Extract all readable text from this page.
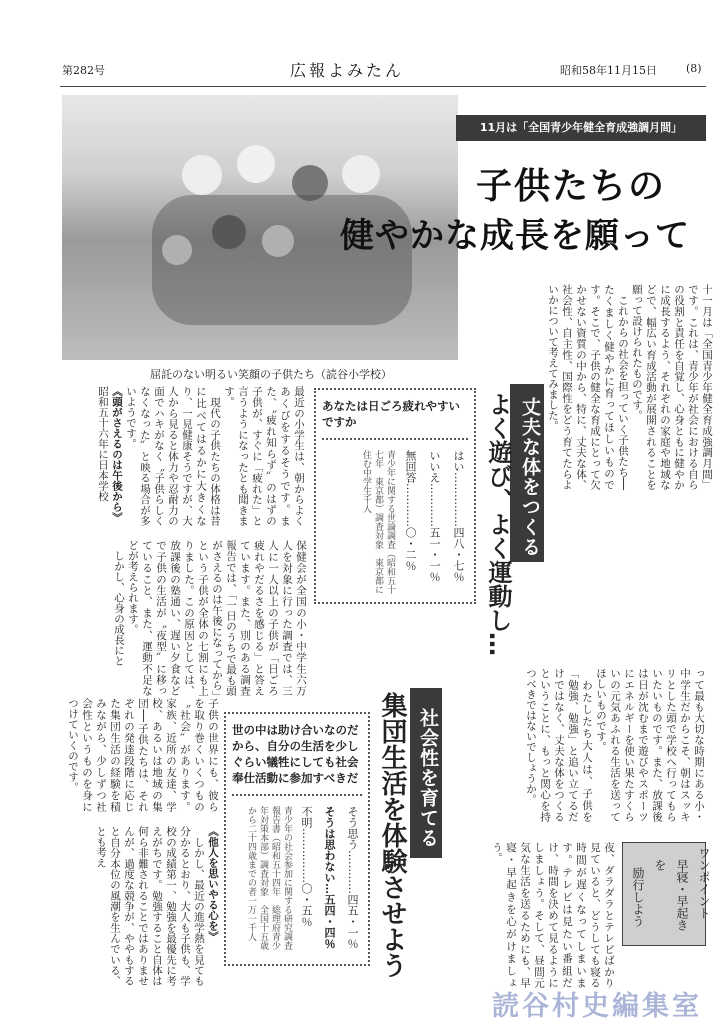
第282号	広報よみたん	昭和58年11月15日	(8)
屈託のない明るい笑顔の子供たち（読谷小学校）
11月は「全国青少年健全育成強調月間」
子供たちの
健やかな成長を願って
十一月は「全国青少年健全育成強調月間」です。これは、青少年が社会における自らの役割と責任を自覚し、心身ともに健やかに成長するよう、それぞれの家庭や地域などで、幅広い育成活動が展開されることを願って設けられたものです。
　これからの社会を担っていく子供たち──たくましく健やかに育ってほしいものです。そこで、子供の健全な育成にとって欠かせない資質の中から、特に、丈夫な体、社会性、自主性、国際性をどう育てたらよいかについて考えてみました。
丈夫な体をつくる
よく遊び、よく運動し…
あなたは日ごろ疲れやすいですか
はい……………四八・七％
いいえ…………五一・一％
無回答…………〇・二％
青少年に関する世論調査（昭和五十七年　東京都）調査対象　東京都に住む中学生千人
最近の小学生は、朝からよくあくびをするそうです。また、〝疲れ知らず〟のはずの子供が、すぐに「疲れた」と言うようになったとも聞きます。
　現代の子供たちの体格は昔に比べてはるかに大きくなり、一見健康そうですが、大人から見ると体力や忍耐力の面でハキがなく〝子供らしくなくなった〟と映る場合が多いようです。
《頭がさえるのは午後から》
昭和五十六年に日本学校
保健会が全国の小・中学生六万人を対象に行った調査では、三人に一人以上の子供が「日ごろ疲れやだるさを感じる」と答えています。また、別のある調査報告では、「一日のうちで最も頭がさえるのは午後になってから」という子供が全体の七割にも上りました。この原因としては、放課後の塾通い、遅い夕食などで子供の生活が〝夜型〟に移っていること、また、運動不足などが考えられます。
　しかし、心身の成長にと
って最も大切な時期にある小・中学生だからこそ、朝はスッキリとした頭で学校へ行ってもらいたいものです。また、放課後は日が沈むまで遊びやスポーツにエネルギーを使い果たすくらいの元気あふれる生活を送ってほしいものです。
　わたしたち大人は、子供を「勉強、勉強」と追い立てるだけではなく、丈夫な体をつくるということに、もっと関心を持つべきではないでしょうか。
夜、ダラダラとテレビばかり見ていると、どうしても寝る時間が遅くなってしまいます。テレビは見たい番組だけ、時間を決めて見るようにしましょう。そして、昼間元気な生活を送るためにも、早寝・早起きを心がけましょう。	ワンポイント
早寝・早起きを
励行しよう
社会性を育てる
集団生活を体験させよう
世の中は助け合いなのだから、自分の生活を少しぐらい犠牲にしても社会奉仕活動に参加すべきだ
そう思う…………四五・一％
そうは思わない…五四・四％
不明……………〇・五％
青少年の社会参加に関する研究調査報告書（昭和五十四年　総理府青少年対策本部）調査対象　全国十五歳から二十四歳までの者一万一千人
子供の世界にも、彼らを取り巻くいくつもの〝社会〟があります。家族、近所の友達、学校、あるいは地域の集団──子供たちは、それぞれの発達段階に応じた集団生活の経験を積みながら、少しずつ社会性というものを身につけていくのです。
《他人を思いやる心を》
　しかし、最近の進学熱を見ても分かるとおり、大人も子供も、学校の成績第一、勉強を最優先に考えがちです。勉強すること自体は何ら非難されることではありませんが、過度な競争が、ややもすると自分本位の風潮を生んでいる、とも考え
読谷村史編集室
